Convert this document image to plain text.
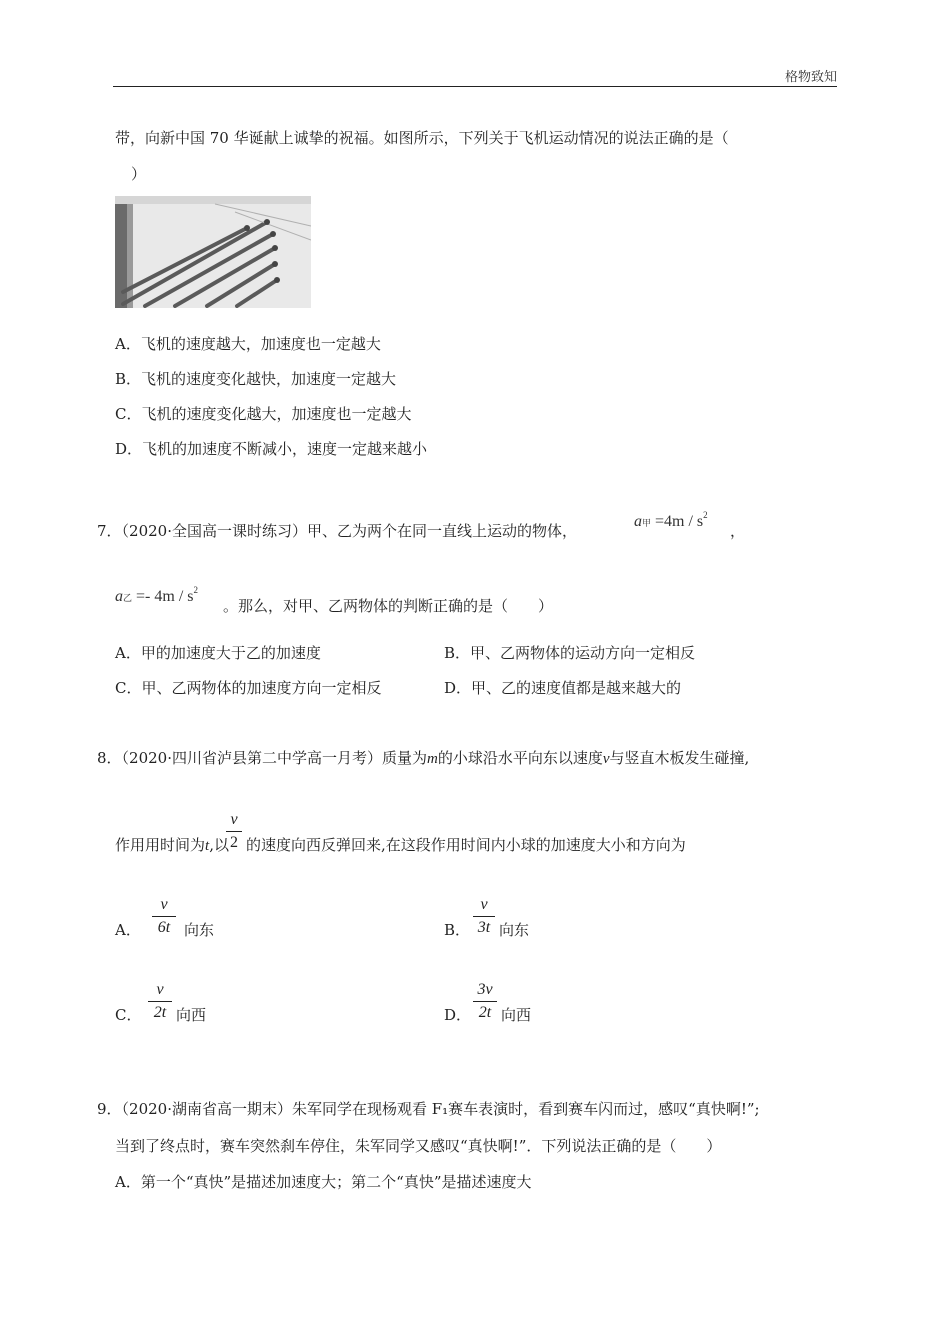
格物致知
带，向新中国 70 华诞献上诚挚的祝福。如图所示，下列关于飞机运动情况的说法正确的是（
）
A．飞机的速度越大，加速度也一定越大
B．飞机的速度变化越快，加速度一定越大
C．飞机的速度变化越大，加速度也一定越大
D．飞机的加速度不断减小，速度一定越来越小
7．（2020·全国高一课时练习）甲、乙为两个在同一直线上运动的物体，
a甲 $=4m / s^2$
，
a乙 =- $4m / s^2$
。那么，对甲、乙两物体的判断正确的是（　　）
A．甲的加速度大于乙的加速度	B．甲、乙两物体的运动方向一定相反
C．甲、乙两物体的加速度方向一定相反	D．甲、乙的速度值都是越来越大的
8．（2020·四川省泸县第二中学高一月考）质量为m的小球沿水平向东以速度v与竖直木板发生碰撞,
作用用时间为t,以
v
2 的速度向西反弹回来,在这段作用时间内小球的加速度大小和方向为
A．
v
6t 向东	B．
v
3t 向东
C．
v
2t 向西	D．
3v
2t 向西
9．（2020·湖南省高一期末）朱军同学在现杨观看 F₁赛车表演时，看到赛车闪而过，感叹“真快啊!”;
当到了终点时，赛车突然刹车停住，朱军同学又感叹“真快啊!”．下列说法正确的是（　　）
A．第一个“真快”是描述加速度大；第二个“真快”是描述速度大
